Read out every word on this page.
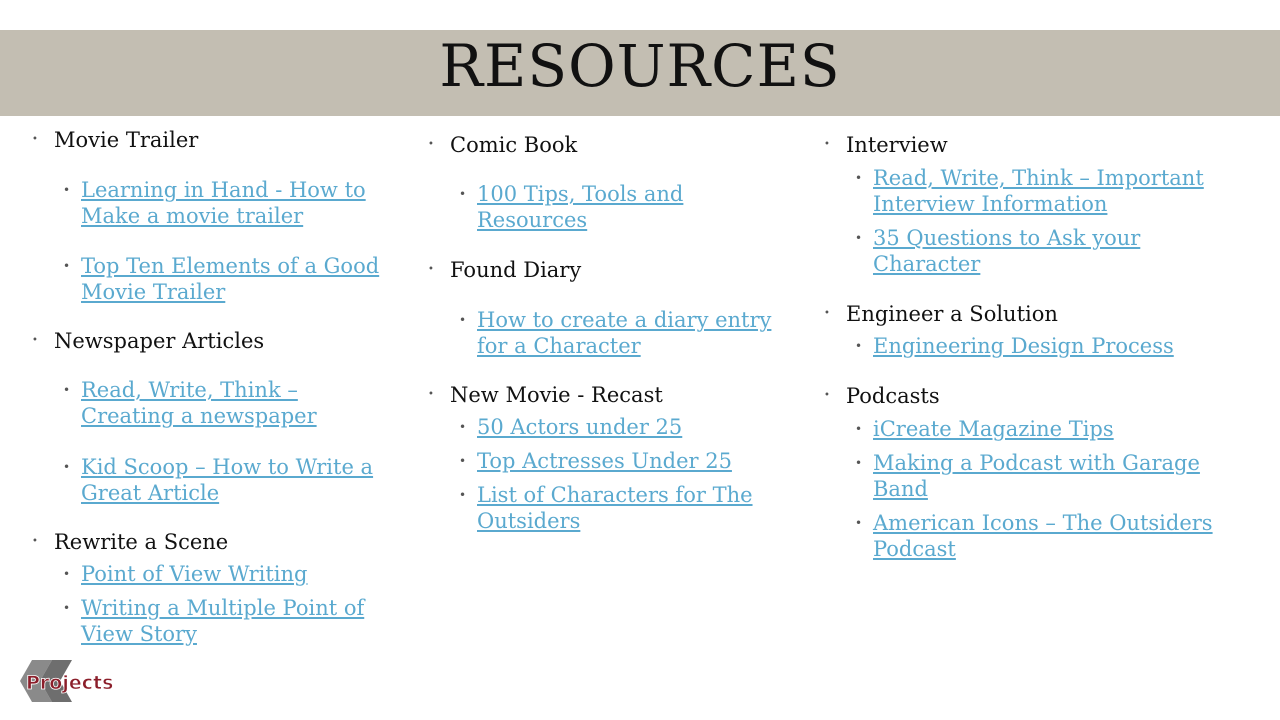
RESOURCES
• Movie Trailer
• Learning in Hand - How to Make a movie trailer
• Top Ten Elements of a Good Movie Trailer
• Newspaper Articles
• Read, Write, Think – Creating a newspaper
• Kid Scoop – How to Write a Great Article
• Rewrite a Scene
• Point of View Writing
• Writing a Multiple Point of View Story
• Comic Book
• 100 Tips, Tools and Resources
• Found Diary
• How to create a diary entry for a Character
• New Movie - Recast
• 50 Actors under 25
• Top Actresses Under 25
• List of Characters for The Outsiders
• Interview
• Read, Write, Think – Important Interview Information
• 35 Questions to Ask your Character
• Engineer a Solution
• Engineering Design Process
• Podcasts
• iCreate Magazine Tips
• Making a Podcast with Garage Band
• American Icons – The Outsiders Podcast
Projects
